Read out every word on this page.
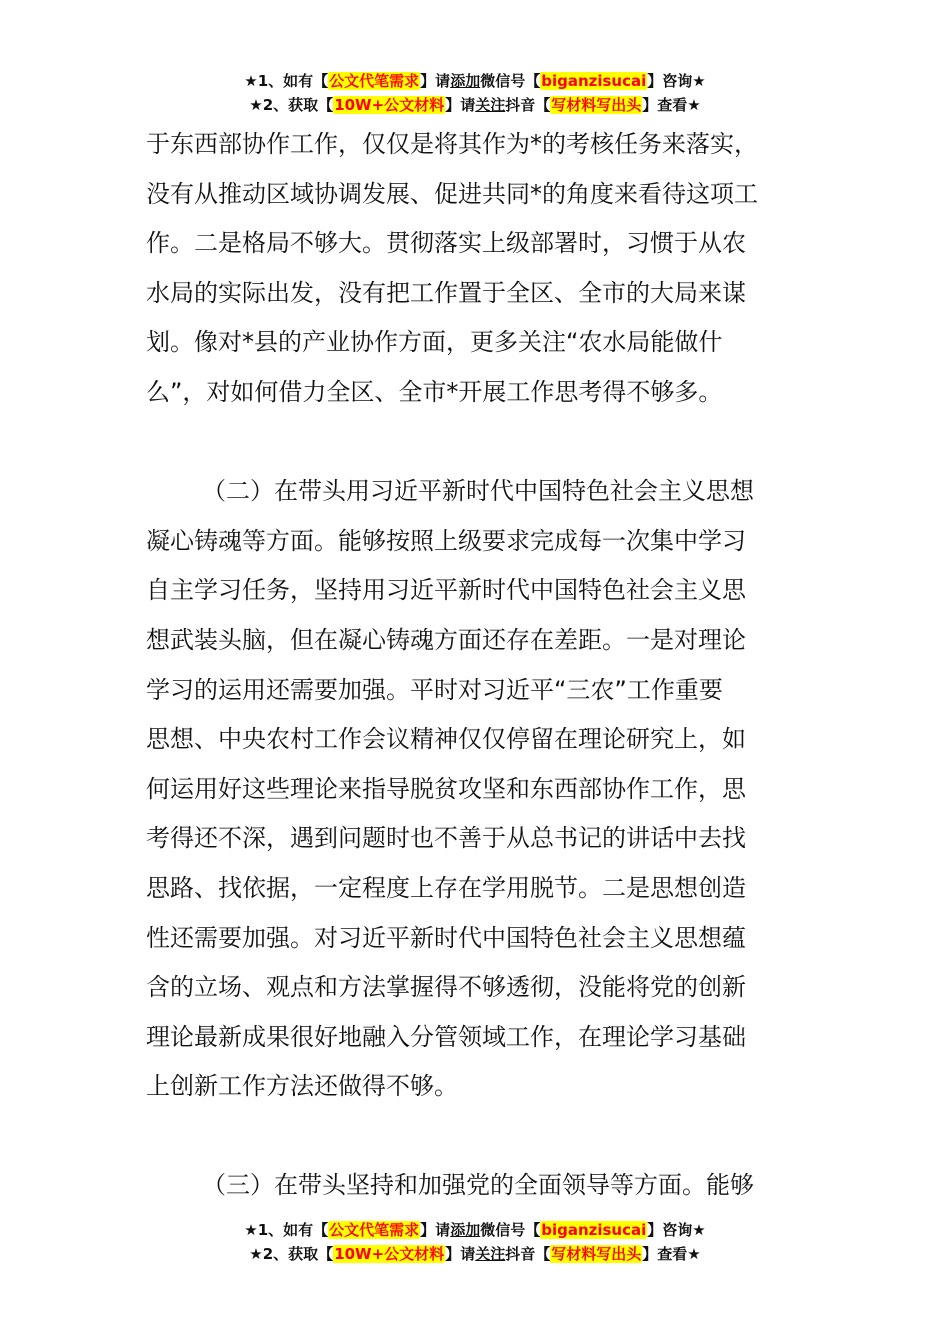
★1、如有【公文代笔需求】请添加微信号【biganzisucai】咨询★
★2、获取【10W+公文材料】请关注抖音【写材料写出头】查看★
于东西部协作工作，仅仅是将其作为*的考核任务来落实，
没有从推动区域协调发展、促进共同*的角度来看待这项工
作。二是格局不够大。贯彻落实上级部署时，习惯于从农
水局的实际出发，没有把工作置于全区、全市的大局来谋
划。像对*县的产业协作方面，更多关注“农水局能做什
么”，对如何借力全区、全市*开展工作思考得不够多。
（二）在带头用习近平新时代中国特色社会主义思想
凝心铸魂等方面。能够按照上级要求完成每一次集中学习
自主学习任务，坚持用习近平新时代中国特色社会主义思
想武装头脑，但在凝心铸魂方面还存在差距。一是对理论
学习的运用还需要加强。平时对习近平“三农”工作重要
思想、中央农村工作会议精神仅仅停留在理论研究上，如
何运用好这些理论来指导脱贫攻坚和东西部协作工作，思
考得还不深，遇到问题时也不善于从总书记的讲话中去找
思路、找依据，一定程度上存在学用脱节。二是思想创造
性还需要加强。对习近平新时代中国特色社会主义思想蕴
含的立场、观点和方法掌握得不够透彻，没能将党的创新
理论最新成果很好地融入分管领域工作，在理论学习基础
上创新工作方法还做得不够。
（三）在带头坚持和加强党的全面领导等方面。能够
★1、如有【公文代笔需求】请添加微信号【biganzisucai】咨询★
★2、获取【10W+公文材料】请关注抖音【写材料写出头】查看★
